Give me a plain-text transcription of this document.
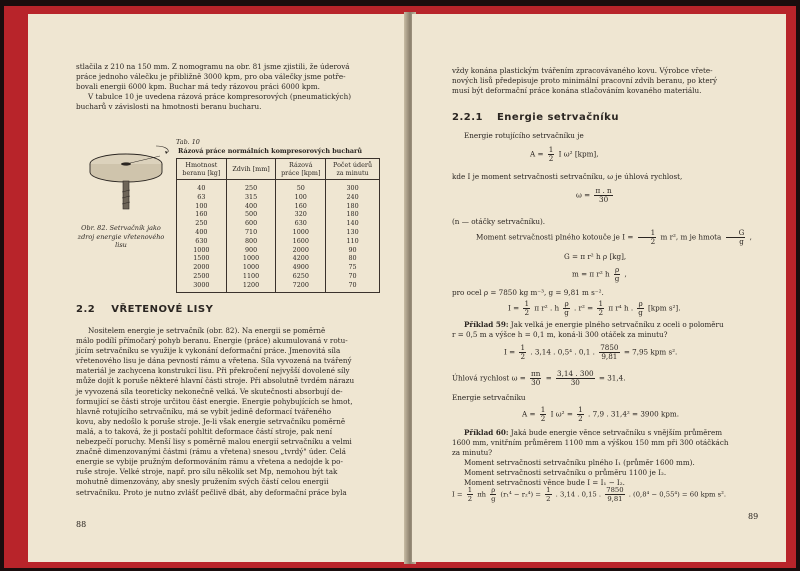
stlačila z 210 na 150 mm. Z nomogramu na obr. 81 jsme zjistili, že úderová
práce jednoho válečku je přibližně 3000 kpm, pro oba válečky jsme potře-
bovali energii 6000 kpm. Buchar má tedy rázovou práci 6000 kpm.
V tabulce 10 je uvedena rázová práce kompresorových (pneumatických)
bucharů v závislosti na hmotnosti beranu bucharu.
Obr. 82. Setrvačník jako zdroj energie vřetenového lisu
Tab. 10
Rázová práce normálních kompresorových bucharů
Hmotnost beranu [kg]	Zdvih [mm]	Rázová práce [kpm]	Počet úderů za minutu
40	250	50	300
63	315	100	240
100	400	160	180
160	500	320	180
250	600	630	140
400	710	1000	130
630	800	1600	110
1000	900	2000	90
1500	1000	4200	80
2000	1000	4900	75
2500	1100	6250	70
3000	1200	7200	70
2.2 VŘETENOVÉ LISY
Nositelem energie je setrvačník (obr. 82). Na energii se poměrně
málo podílí přímočarý pohyb beranu. Energie (práce) akumulovaná v rotu-
jícím setrvačníku se využije k vykonání deformační práce. Jmenovitá síla
vřetenového lisu je dána pevností rámu a vřetena. Síla vyvozená na tvářený
materiál je zachycena konstrukcí lisu. Při překročení nejvyšší dovolené síly
může dojít k poruše některé hlavní části stroje. Při absolutně tvrdém nárazu
je vyvozená síla teoreticky nekonečně velká. Ve skutečnosti absorbují de-
formující se části stroje určitou část energie. Energie pohybujících se hmot,
hlavně rotujícího setrvačníku, má se vybít jedině deformací tvářeného
kovu, aby nedošlo k poruše stroje. Je-li však energie setrvačníku poměrně
malá, a to taková, že ji postačí pohltit deformace částí stroje, pak není
nebezpečí poruchy. Menší lisy s poměrně malou energií setrvačníku a velmi
značně dimenzovanými částmi (rámu a vřetena) snesou „tvrdý" úder. Celá
energie se vybije pružným deformováním rámu a vřetena a nedojde k po-
ruše stroje. Velké stroje, např. pro sílu několik set Mp, nemohou být tak
mohutně dimenzovány, aby snesly pružením svých částí celou energii
setrvačníku. Proto je nutno zvlášť pečlivě dbát, aby deformační práce byla
88
vždy konána plastickým tvářením zpracovávaného kovu. Výrobce vřete-
nových lisů předepisuje proto minimální pracovní zdvih beranu, po který
musí být deformační práce konána stlačováním kovaného materiálu.
2.2.1 Energie setrvačníku
Energie rotujícího setrvačníku je
$A = \frac{1}{2}$ I ω² [kpm],
kde I je moment setrvačnosti setrvačníku, ω je úhlová rychlost,
$\omega = \frac{\pi . n}{30}$
(n — otáčky setrvačníku).
Moment setrvačnosti plného kotouče je $I = \frac{1}{2}$ m r², m je hmota $\frac{G}{g}$ ,
G = π r² h ρ [kg],
m = π r² h $\frac{\rho}{g}$ ,
pro ocel ρ = 7850 kg m⁻³, g = 9,81 m s⁻².
$I = \frac{1}{2}$ π r² . h $\frac{\rho}{g}$ . $r^2 = \frac{1}{2}$ π r⁴ h . $\frac{\rho}{g} [kpm$ s²].
Příklad 59: Jak velká je energie plného setrvačníku z oceli o poloměru
r = 0,5 m a výšce h = 0,1 m, koná-li 300 otáček za minutu?
$I = \frac{1}{2}$ . 3,14 . 0,5⁴ . 0,1 . $\frac{7850}{9,81} = 7,95$ kpm s².
Úhlová rychlost $\omega = \frac{\pi n}{30} = \frac{3,14 . 300}{30} = 31,4$.
Energie setrvačníku
$A = \frac{1}{2}$ I $\omega^2 = \frac{1}{2}$ . 7,9 . 31,4² = 3900 kpm.
Příklad 60: Jaká bude energie věnce setrvačníku s vnějším průměrem
1600 mm, vnitřním průměrem 1100 mm a výškou 150 mm při 300 otáčkách
za minutu?
Moment setrvačnosti setrvačníku plného I₁ (průměr 1600 mm).
Moment setrvačnosti setrvačníku o průměru 1100 je I₂.
Moment setrvačnosti věnce bude I = I₁ − I₂.
$I = \frac{1}{2}$ πh $\frac{\rho}{g} (r_1^4 - r_2^4) = \frac{1}{2}$ . 3,14 . 0,15 . $\frac{7850}{9,81}$ . (0,8⁴ − 0,55⁴) = 60 kpm s².
89
